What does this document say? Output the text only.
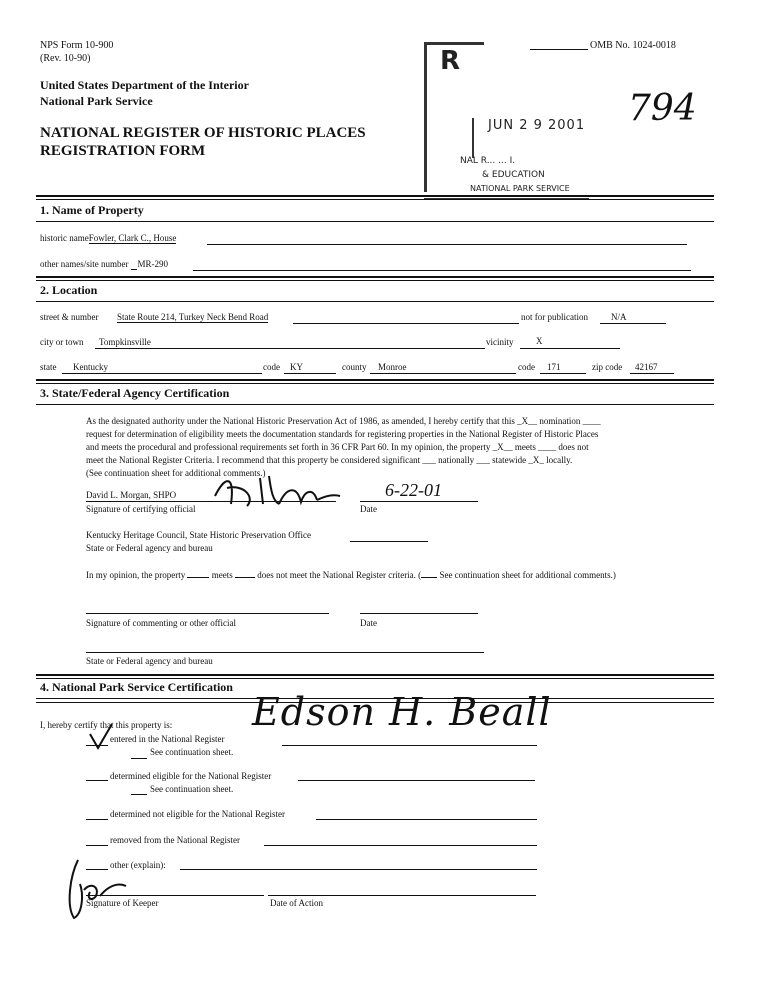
NPS Form 10-900
(Rev. 10-90)
United States Department of the Interior
National Park Service
NATIONAL REGISTER OF HISTORIC PLACES
REGISTRATION FORM
OMB No. 1024-0018
R
JUN 2 9 2001
NAL R... ... I.
& EDUCATION
NATIONAL PARK SERVICE
794
1. Name of Property
historic nameFowler, Clark C., House
other names/site number MR-290
2. Location
street & number State Route 214, Turkey Neck Bend Road	not for publication	N/A
city or town Tompkinsville	vicinity	X
state Kentucky	code KY	county Monroe	code 171	zip code 42167
3. State/Federal Agency Certification
As the designated authority under the National Historic Preservation Act of 1986, as amended, I hereby certify that this _X__ nomination ____
request for determination of eligibility meets the documentation standards for registering properties in the National Register of Historic Places
and meets the procedural and professional requirements set forth in 36 CFR Part 60. In my opinion, the property _X__ meets ____ does not
meet the National Register Criteria. I recommend that this property be considered significant ___ nationally ___ statewide _X_ locally.
(See continuation sheet for additional comments.)
David L. Morgan, SHPO
Signature of certifying official	Date
6-22-01
Kentucky Heritage Council, State Historic Preservation Office
State or Federal agency and bureau
In my opinion, the property	meets	does not meet the National Register criteria. ( See continuation sheet for additional comments.)
Signature of commenting or other official	Date
State or Federal agency and bureau
4. National Park Service Certification
I, hereby certify that this property is:
entered in the National Register
See continuation sheet.
Edson H. Beall
determined eligible for the National Register
See continuation sheet.
determined not eligible for the National Register
removed from the National Register
other (explain):
Signature of Keeper	Date of Action
